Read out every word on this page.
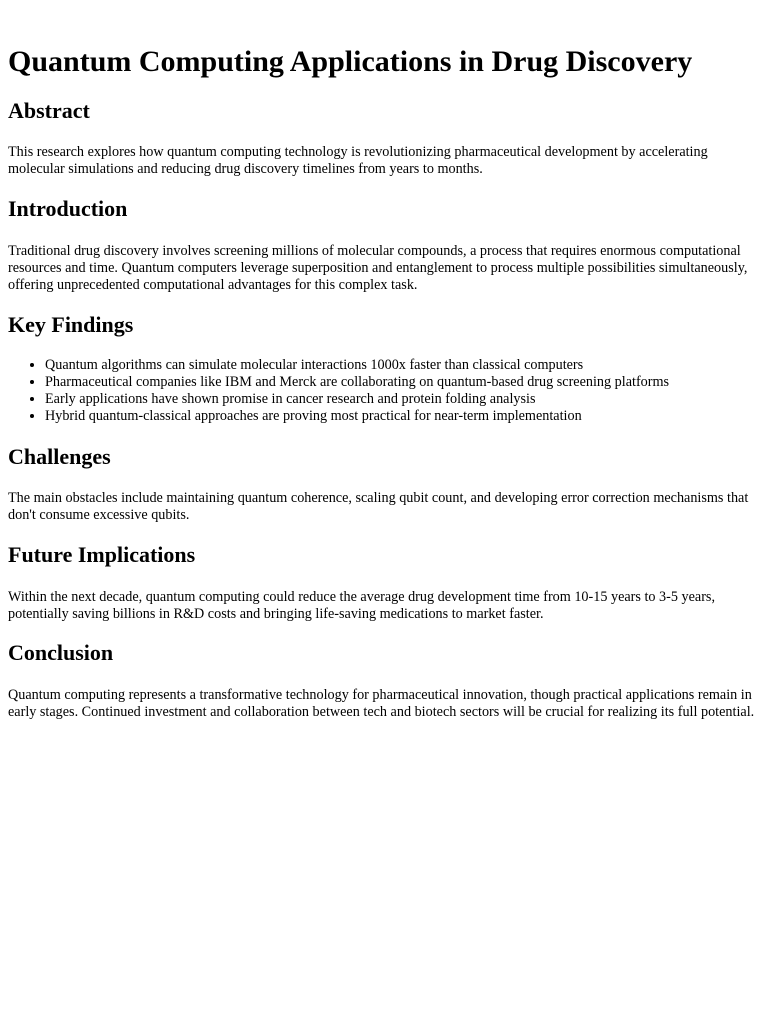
Quantum Computing Applications in Drug Discovery
Abstract

This research explores how quantum computing technology is revolutionizing pharmaceutical development by accelerating molecular simulations and reducing drug discovery timelines from years to months.

Introduction

Traditional drug discovery involves screening millions of molecular compounds, a process that requires enormous computational resources and time. Quantum computers leverage superposition and entanglement to process multiple possibilities simultaneously, offering unprecedented computational advantages for this complex task.

Key Findings
• Quantum algorithms can simulate molecular interactions 1000x faster than classical computers
• Pharmaceutical companies like IBM and Merck are collaborating on quantum-based drug screening platforms
• Early applications have shown promise in cancer research and protein folding analysis
• Hybrid quantum-classical approaches are proving most practical for near-term implementation
Challenges

The main obstacles include maintaining quantum coherence, scaling qubit count, and developing error correction mechanisms that don't consume excessive qubits.

Future Implications

Within the next decade, quantum computing could reduce the average drug development time from 10-15 years to 3-5 years, potentially saving billions in R&D costs and bringing life-saving medications to market faster.

Conclusion

Quantum computing represents a transformative technology for pharmaceutical innovation, though practical applications remain in early stages. Continued investment and collaboration between tech and biotech sectors will be crucial for realizing its full potential.
